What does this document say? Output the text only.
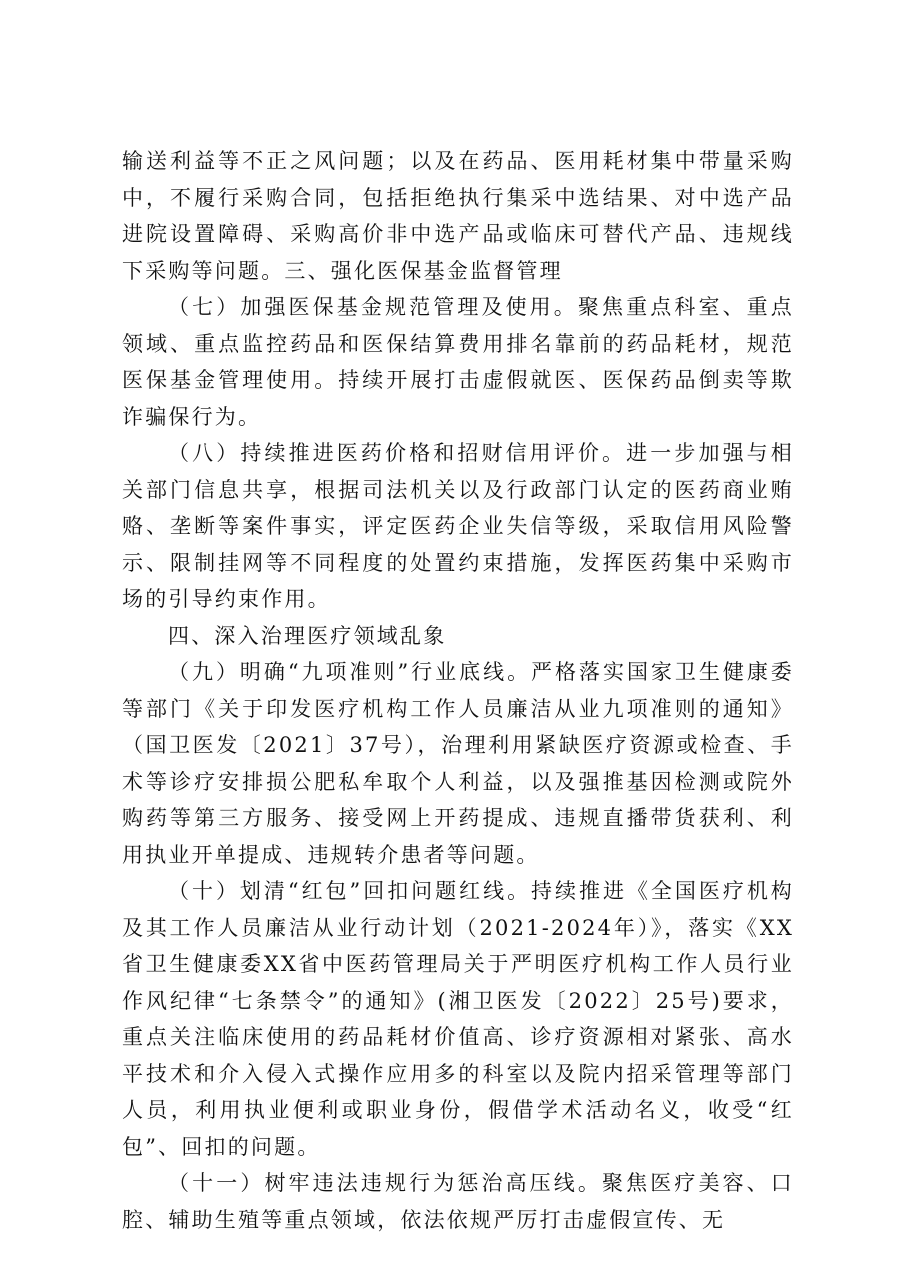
输送利益等不正之风问题；以及在药品、医用耗材集中带量采购中，不履行采购合同，包括拒绝执行集采中选结果、对中选产品进院设置障碍、采购高价非中选产品或临床可替代产品、违规线下采购等问题。三、强化医保基金监督管理

（七）加强医保基金规范管理及使用。聚焦重点科室、重点领域、重点监控药品和医保结算费用排名靠前的药品耗材，规范医保基金管理使用。持续开展打击虚假就医、医保药品倒卖等欺诈骗保行为。

（八）持续推进医药价格和招财信用评价。进一步加强与相关部门信息共享，根据司法机关以及行政部门认定的医药商业贿赂、垄断等案件事实，评定医药企业失信等级，采取信用风险警示、限制挂网等不同程度的处置约束措施，发挥医药集中采购市场的引导约束作用。

四、深入治理医疗领域乱象

（九）明确“九项准则”行业底线。严格落实国家卫生健康委等部门《关于印发医疗机构工作人员廉洁从业九项准则的通知》（国卫医发〔2021〕37号），治理利用紧缺医疗资源或检查、手术等诊疗安排损公肥私牟取个人利益，以及强推基因检测或院外购药等第三方服务、接受网上开药提成、违规直播带货获利、利用执业开单提成、违规转介患者等问题。

（十）划清“红包”回扣问题红线。持续推进《全国医疗机构及其工作人员廉洁从业行动计划（2021-2024年）》，落实《XX省卫生健康委XX省中医药管理局关于严明医疗机构工作人员行业作风纪律“七条禁令”的通知》(湘卫医发〔2022〕25号)要求，重点关注临床使用的药品耗材价值高、诊疗资源相对紧张、高水平技术和介入侵入式操作应用多的科室以及院内招采管理等部门人员，利用执业便利或职业身份，假借学术活动名义，收受“红包”、回扣的问题。

（十一）树牢违法违规行为惩治高压线。聚焦医疗美容、口腔、辅助生殖等重点领域，依法依规严厉打击虚假宣传、无
